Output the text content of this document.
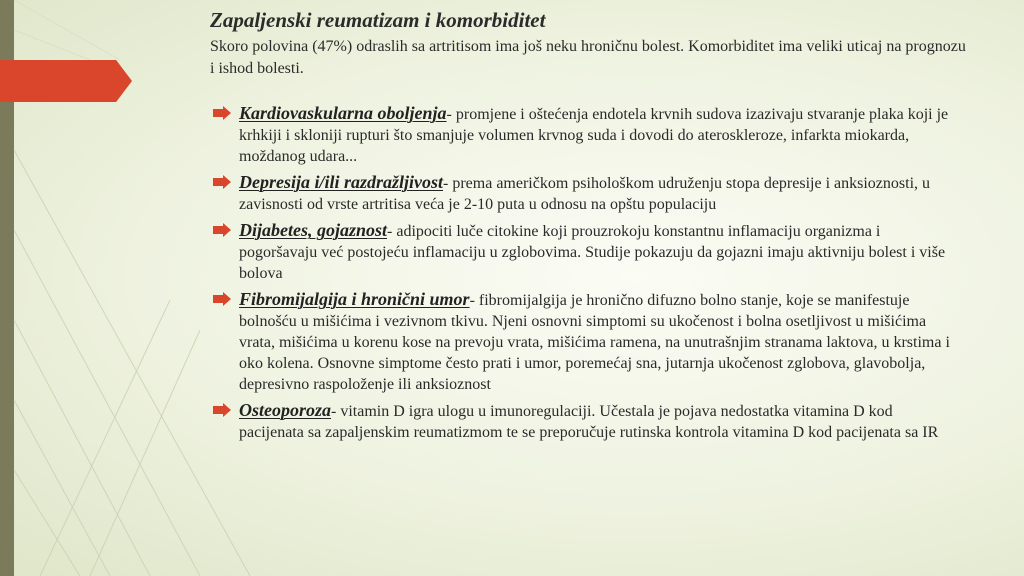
Zapaljenski reumatizam i komorbiditet

Skoro polovina (47%) odraslih sa artritisom ima još neku hroničnu bolest. Komorbiditet ima veliki uticaj na prognozu i ishod bolesti.

Kardiovaskularna oboljenja- promjene i oštećenja endotela krvnih sudova izazivaju stvaranje plaka koji je krhkiji i skloniji rupturi što smanjuje volumen krvnog suda i dovodi do ateroskleroze, infarkta miokarda, moždanog udara...
Depresija i/ili razdražljivost- prema američkom psihološkom udruženju stopa depresije i anksioznosti, u zavisnosti od vrste artritisa veća je 2-10 puta u odnosu na opštu populaciju
Dijabetes, gojaznost- adipociti luče citokine koji prouzrokoju konstantnu inflamaciju organizma i pogoršavaju već postojeću inflamaciju u zglobovima. Studije pokazuju da gojazni imaju aktivniju bolest i više bolova
Fibromijalgija i hronični umor- fibromijalgija je hronično difuzno bolno stanje, koje se manifestuje bolnošću u mišićima i vezivnom tkivu. Njeni osnovni simptomi su ukočenost i bolna osetljivost u mišićima vrata, mišićima u korenu kose na prevoju vrata, mišićima ramena, na unutrašnjim stranama laktova, u krstima i oko kolena. Osnovne simptome često prati i umor, poremećaj sna, jutarnja ukočenost zglobova, glavobolja, depresivno raspoloženje ili anksioznost
Osteoporoza- vitamin D igra ulogu u imunoregulaciji. Učestala je pojava nedostatka vitamina D kod pacijenata sa zapaljenskim reumatizmom te se preporučuje rutinska kontrola vitamina D kod pacijenata sa IR
